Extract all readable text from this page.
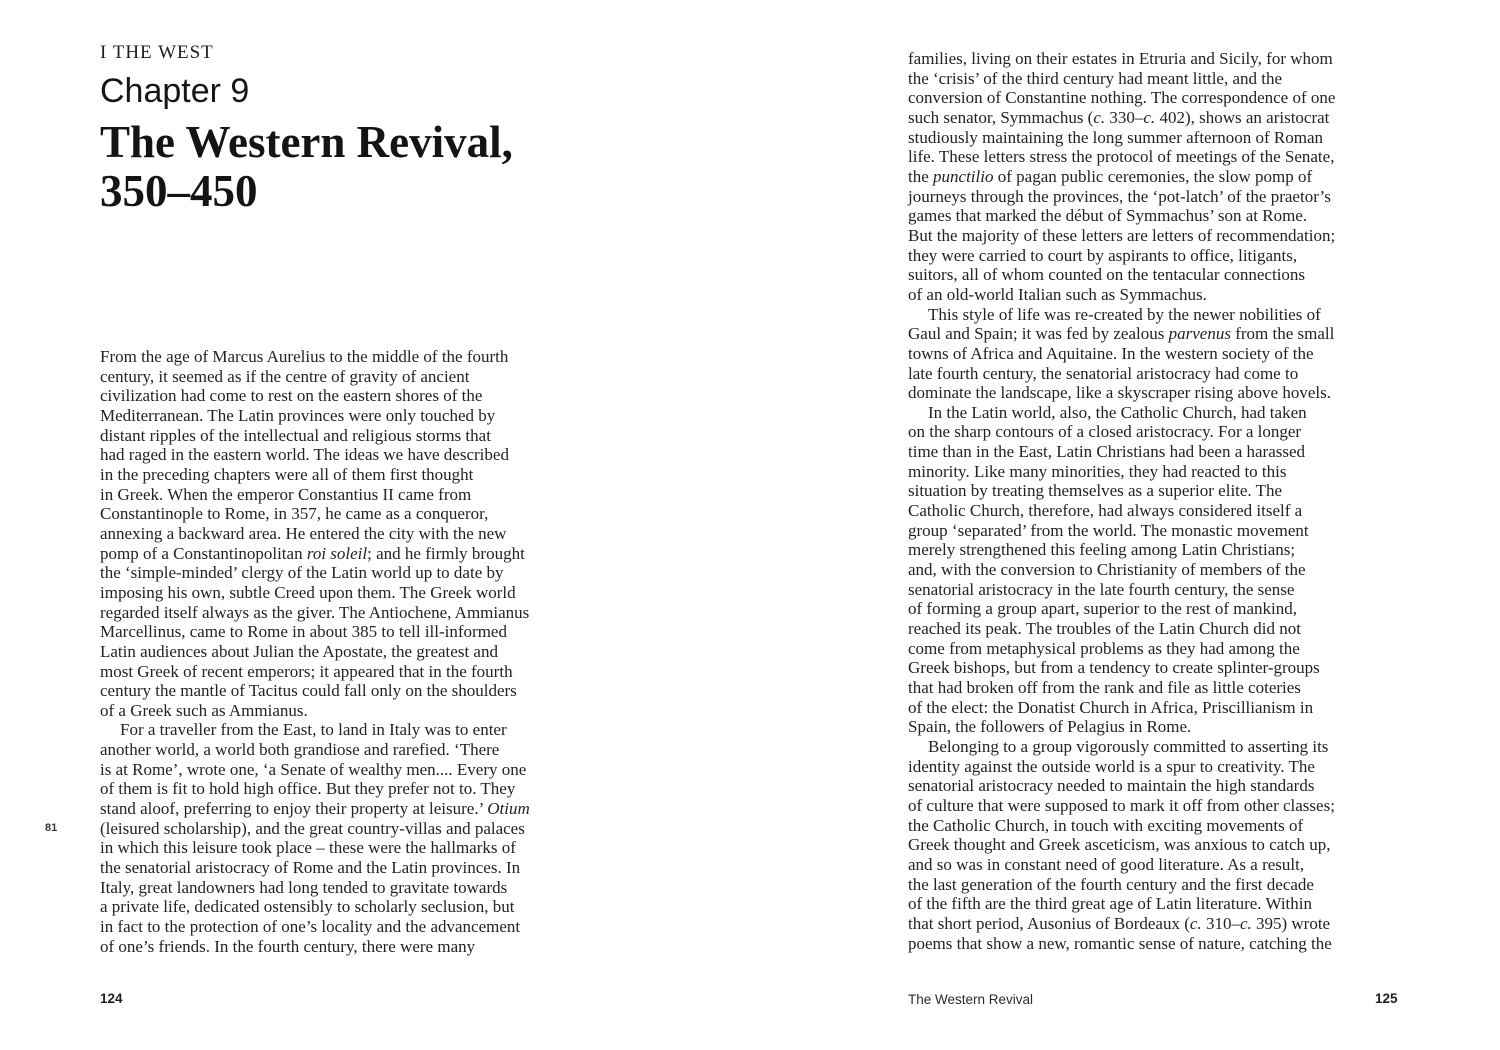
I THE WEST
Chapter 9
The Western Revival,
350–450
From the age of Marcus Aurelius to the middle of the fourth
century, it seemed as if the centre of gravity of ancient
civilization had come to rest on the eastern shores of the
Mediterranean. The Latin provinces were only touched by
distant ripples of the intellectual and religious storms that
had raged in the eastern world. The ideas we have described
in the preceding chapters were all of them first thought
in Greek. When the emperor Constantius II came from
Constantinople to Rome, in 357, he came as a conqueror,
annexing a backward area. He entered the city with the new
pomp of a Constantinopolitan roi soleil; and he firmly brought
the ‘simple-minded’ clergy of the Latin world up to date by
imposing his own, subtle Creed upon them. The Greek world
regarded itself always as the giver. The Antiochene, Ammianus
Marcellinus, came to Rome in about 385 to tell ill-informed
Latin audiences about Julian the Apostate, the greatest and
most Greek of recent emperors; it appeared that in the fourth
century the mantle of Tacitus could fall only on the shoulders
of a Greek such as Ammianus.
For a traveller from the East, to land in Italy was to enter
another world, a world both grandiose and rarefied. ‘There
is at Rome’, wrote one, ‘a Senate of wealthy men.... Every one
of them is fit to hold high office. But they prefer not to. They
stand aloof, preferring to enjoy their property at leisure.’ Otium
(leisured scholarship), and the great country-villas and palaces
in which this leisure took place – these were the hallmarks of
the senatorial aristocracy of Rome and the Latin provinces. In
Italy, great landowners had long tended to gravitate towards
a private life, dedicated ostensibly to scholarly seclusion, but
in fact to the protection of one’s locality and the advancement
of one’s friends. In the fourth century, there were many
81
124
families, living on their estates in Etruria and Sicily, for whom
the ‘crisis’ of the third century had meant little, and the
conversion of Constantine nothing. The correspondence of one
such senator, Symmachus (c. 330–c. 402), shows an aristocrat
studiously maintaining the long summer afternoon of Roman
life. These letters stress the protocol of meetings of the Senate,
the punctilio of pagan public ceremonies, the slow pomp of
journeys through the provinces, the ‘pot-latch’ of the praetor’s
games that marked the début of Symmachus’ son at Rome.
But the majority of these letters are letters of recommendation;
they were carried to court by aspirants to office, litigants,
suitors, all of whom counted on the tentacular connections
of an old-world Italian such as Symmachus.
This style of life was re-created by the newer nobilities of
Gaul and Spain; it was fed by zealous parvenus from the small
towns of Africa and Aquitaine. In the western society of the
late fourth century, the senatorial aristocracy had come to
dominate the landscape, like a skyscraper rising above hovels.
In the Latin world, also, the Catholic Church, had taken
on the sharp contours of a closed aristocracy. For a longer
time than in the East, Latin Christians had been a harassed
minority. Like many minorities, they had reacted to this
situation by treating themselves as a superior elite. The
Catholic Church, therefore, had always considered itself a
group ‘separated’ from the world. The monastic movement
merely strengthened this feeling among Latin Christians;
and, with the conversion to Christianity of members of the
senatorial aristocracy in the late fourth century, the sense
of forming a group apart, superior to the rest of mankind,
reached its peak. The troubles of the Latin Church did not
come from metaphysical problems as they had among the
Greek bishops, but from a tendency to create splinter-groups
that had broken off from the rank and file as little coteries
of the elect: the Donatist Church in Africa, Priscillianism in
Spain, the followers of Pelagius in Rome.
Belonging to a group vigorously committed to asserting its
identity against the outside world is a spur to creativity. The
senatorial aristocracy needed to maintain the high standards
of culture that were supposed to mark it off from other classes;
the Catholic Church, in touch with exciting movements of
Greek thought and Greek asceticism, was anxious to catch up,
and so was in constant need of good literature. As a result,
the last generation of the fourth century and the first decade
of the fifth are the third great age of Latin literature. Within
that short period, Ausonius of Bordeaux (c. 310–c. 395) wrote
poems that show a new, romantic sense of nature, catching the
The Western Revival	125
